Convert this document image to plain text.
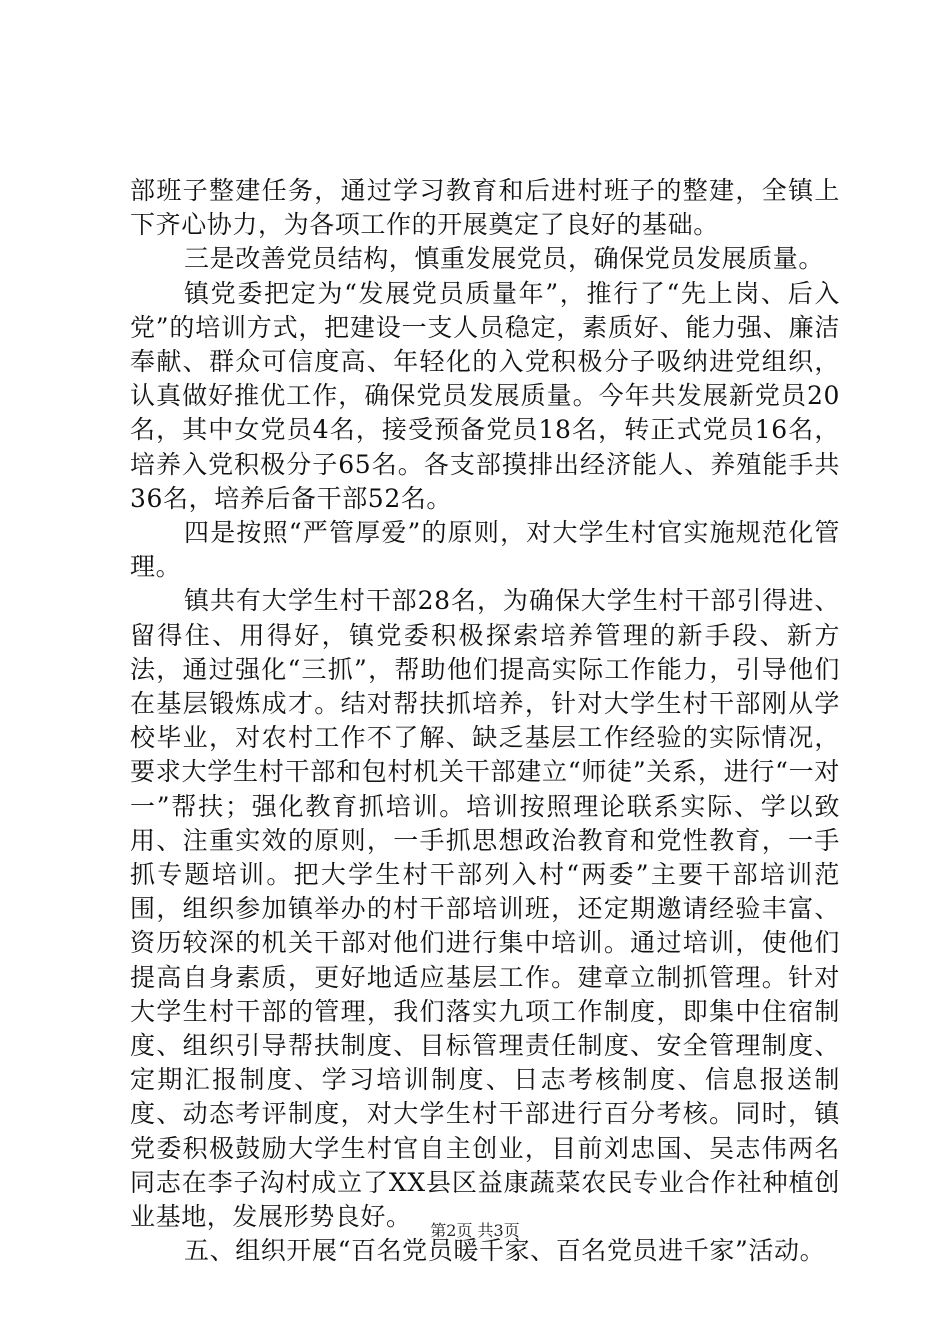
部班子整建任务，通过学习教育和后进村班子的整建，全镇上下齐心协力，为各项工作的开展奠定了良好的基础。

三是改善党员结构，慎重发展党员，确保党员发展质量。

镇党委把定为“发展党员质量年”，推行了“先上岗、后入党”的培训方式，把建设一支人员稳定，素质好、能力强、廉洁奉献、群众可信度高、年轻化的入党积极分子吸纳进党组织，认真做好推优工作，确保党员发展质量。今年共发展新党员20名，其中女党员4名，接受预备党员18名，转正式党员16名，培养入党积极分子65名。各支部摸排出经济能人、养殖能手共36名，培养后备干部52名。

四是按照“严管厚爱”的原则，对大学生村官实施规范化管理。

镇共有大学生村干部28名，为确保大学生村干部引得进、留得住、用得好，镇党委积极探索培养管理的新手段、新方法，通过强化“三抓”，帮助他们提高实际工作能力，引导他们在基层锻炼成才。结对帮扶抓培养，针对大学生村干部刚从学校毕业，对农村工作不了解、缺乏基层工作经验的实际情况，要求大学生村干部和包村机关干部建立“师徒”关系，进行“一对一”帮扶；强化教育抓培训。培训按照理论联系实际、学以致用、注重实效的原则，一手抓思想政治教育和党性教育，一手抓专题培训。把大学生村干部列入村“两委”主要干部培训范围，组织参加镇举办的村干部培训班，还定期邀请经验丰富、资历较深的机关干部对他们进行集中培训。通过培训，使他们提高自身素质，更好地适应基层工作。建章立制抓管理。针对大学生村干部的管理，我们落实九项工作制度，即集中住宿制度、组织引导帮扶制度、目标管理责任制度、安全管理制度、定期汇报制度、学习培训制度、日志考核制度、信息报送制度、动态考评制度，对大学生村干部进行百分考核。同时，镇党委积极鼓励大学生村官自主创业，目前刘忠国、吴志伟两名同志在李子沟村成立了XX县区益康蔬菜农民专业合作社种植创业基地，发展形势良好。

五、组织开展“百名党员暖千家、百名党员进千家”活动。

第2页 共3页
